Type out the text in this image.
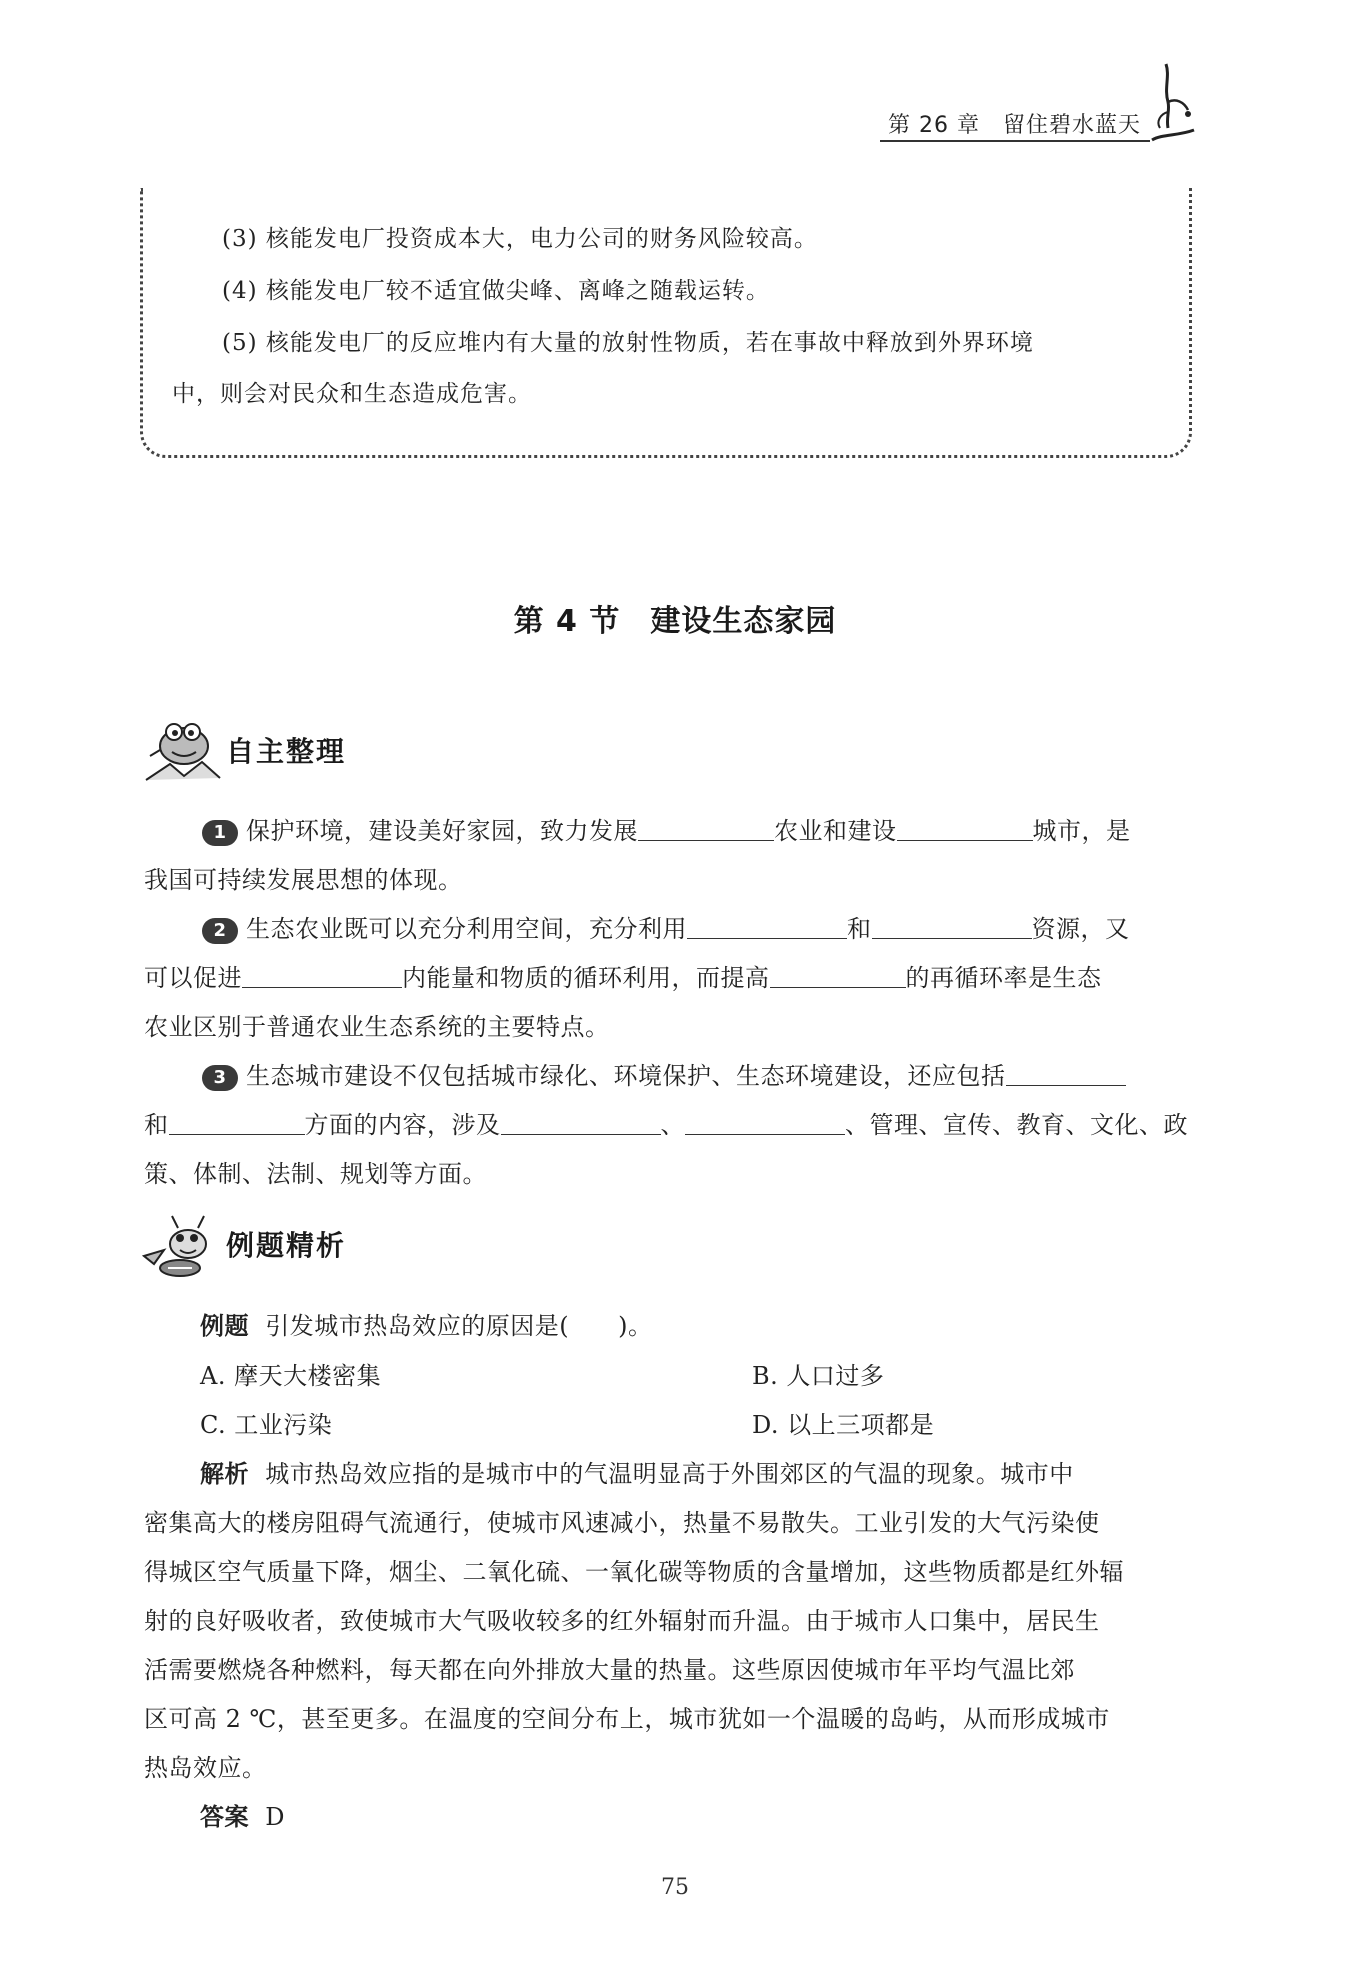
第 26 章　留住碧水蓝天
(3) 核能发电厂投资成本大，电力公司的财务风险较高。
(4) 核能发电厂较不适宜做尖峰、离峰之随载运转。
(5) 核能发电厂的反应堆内有大量的放射性物质，若在事故中释放到外界环境
中，则会对民众和生态造成危害。
第 4 节 建设生态家园
自主整理
1 保护环境，建设美好家园，致力发展	农业和建设	城市，是
我国可持续发展思想的体现。
2 生态农业既可以充分利用空间，充分利用	和	资源，又
可以促进	内能量和物质的循环利用，而提高	的再循环率是生态
农业区别于普通农业生态系统的主要特点。
3 生态城市建设不仅包括城市绿化、环境保护、生态环境建设，还应包括
和	方面的内容，涉及	、	、管理、宣传、教育、文化、政
策、体制、法制、规划等方面。
例题精析
例题 引发城市热岛效应的原因是(　　)。
A. 摩天大楼密集	B. 人口过多
C. 工业污染	D. 以上三项都是
解析 城市热岛效应指的是城市中的气温明显高于外围郊区的气温的现象。城市中
密集高大的楼房阻碍气流通行，使城市风速减小，热量不易散失。工业引发的大气污染使
得城区空气质量下降，烟尘、二氧化硫、一氧化碳等物质的含量增加，这些物质都是红外辐
射的良好吸收者，致使城市大气吸收较多的红外辐射而升温。由于城市人口集中，居民生
活需要燃烧各种燃料，每天都在向外排放大量的热量。这些原因使城市年平均气温比郊
区可高 2 ℃，甚至更多。在温度的空间分布上，城市犹如一个温暖的岛屿，从而形成城市
热岛效应。
答案 D
75
